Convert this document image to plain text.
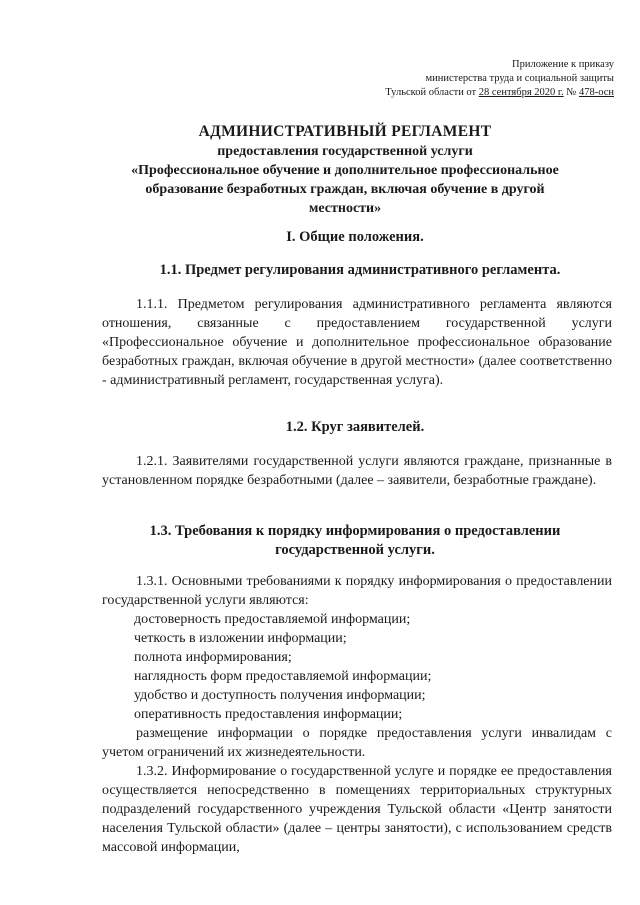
Приложение к приказу
министерства труда и социальной защиты
Тульской области от 28 сентября 2020 г. № 478-осн
АДМИНИСТРАТИВНЫЙ РЕГЛАМЕНТ
предоставления государственной услуги
«Профессиональное обучение и дополнительное профессиональное
образование безработных граждан, включая обучение в другой
местности»
I. Общие положения.
1.1. Предмет регулирования административного регламента.
1.1.1. Предметом регулирования административного регламента являются отношения, связанные с предоставлением государственной услуги «Профессиональное обучение и дополнительное профессиональное образование безработных граждан, включая обучение в другой местности» (далее соответственно - административный регламент, государственная услуга).
1.2. Круг заявителей.
1.2.1. Заявителями государственной услуги являются граждане, признанные в установленном порядке безработными (далее – заявители, безработные граждане).
1.3. Требования к порядку информирования о предоставлении
государственной услуги.
1.3.1. Основными требованиями к порядку информирования о предоставлении государственной услуги являются:
достоверность предоставляемой информации;
четкость в изложении информации;
полнота информирования;
наглядность форм предоставляемой информации;
удобство и доступность получения информации;
оперативность предоставления информации;
размещение информации о порядке предоставления услуги инвалидам с учетом ограничений их жизнедеятельности.
1.3.2. Информирование о государственной услуге и порядке ее предоставления осуществляется непосредственно в помещениях территориальных структурных подразделений государственного учреждения Тульской области «Центр занятости населения Тульской области» (далее – центры занятости), с использованием средств массовой информации,
